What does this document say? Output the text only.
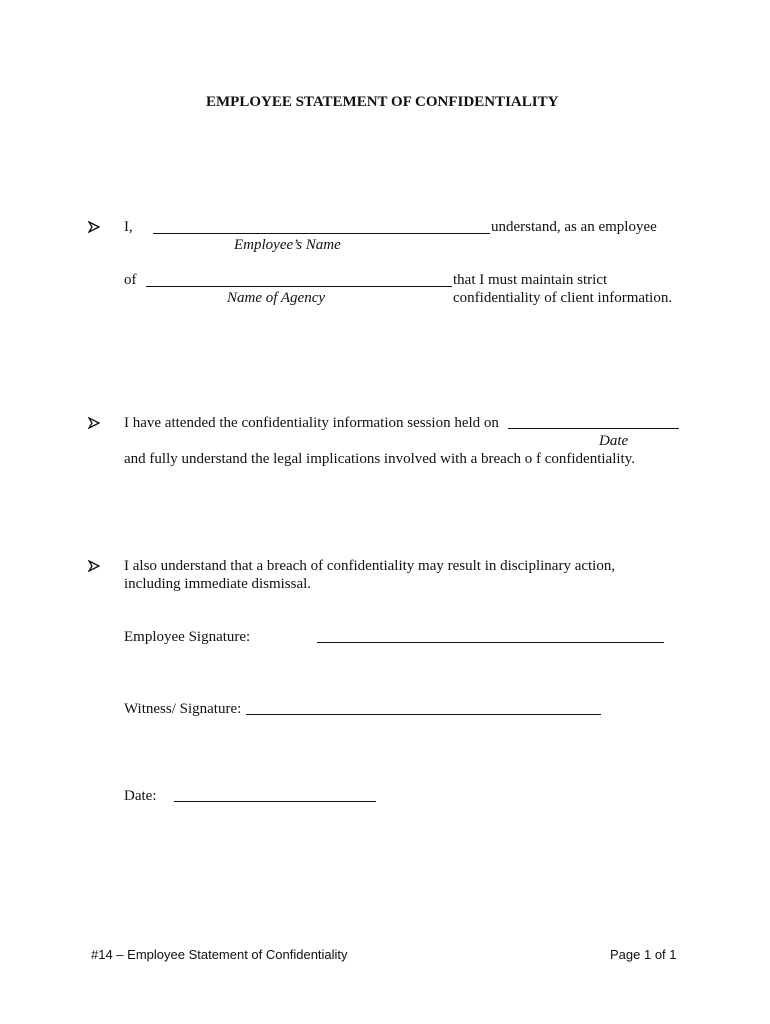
EMPLOYEE STATEMENT OF CONFIDENTIALITY
I,	understand, as an employee
Employee’s Name
of	that I must maintain strict
Name of Agency	confidentiality of client information.
I have attended the confidentiality information session held on
Date
and fully understand the legal implications involved with a breach o f confidentiality.
I also understand that a breach of confidentiality may result in disciplinary action,
including immediate dismissal.
Employee Signature:
Witness/ Signature:
Date:
#14 – Employee Statement of Confidentiality	Page 1 of 1
